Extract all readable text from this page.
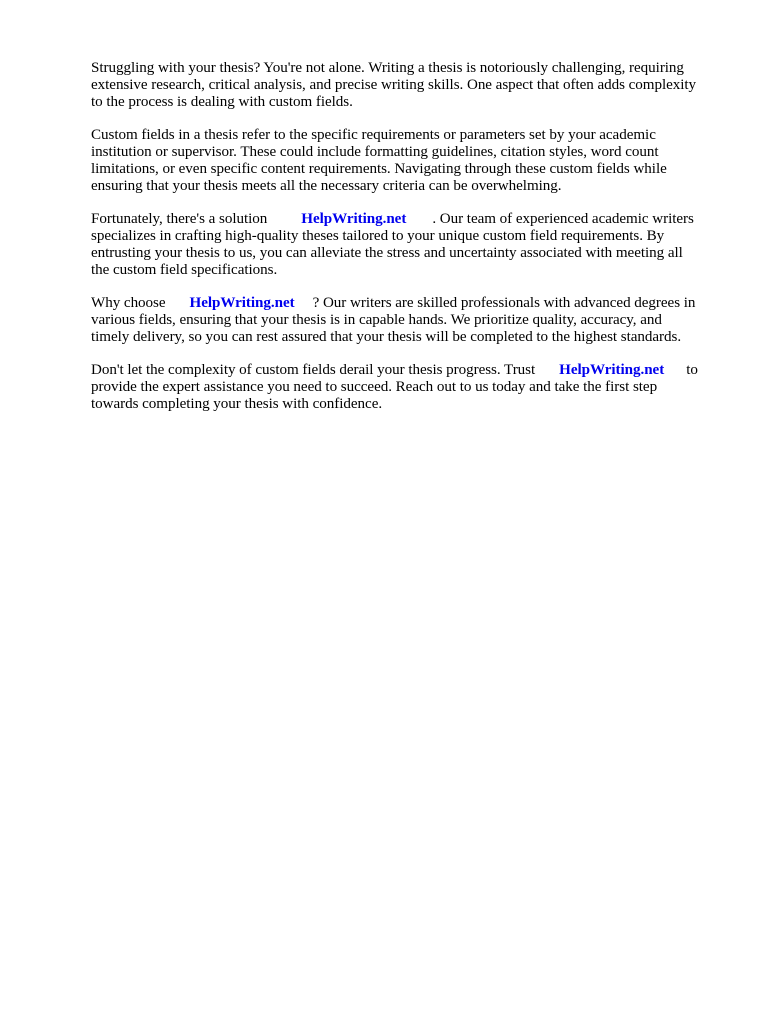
Struggling with your thesis? You're not alone. Writing a thesis is notoriously challenging, requiring
extensive research, critical analysis, and precise writing skills. One aspect that often adds complexity
to the process is dealing with custom fields.

Custom fields in a thesis refer to the specific requirements or parameters set by your academic
institution or supervisor. These could include formatting guidelines, citation styles, word count
limitations, or even specific content requirements. Navigating through these custom fields while
ensuring that your thesis meets all the necessary criteria can be overwhelming.

Fortunately, there's a solution HelpWriting.net . Our team of experienced academic writers
specializes in crafting high-quality theses tailored to your unique custom field requirements. By
entrusting your thesis to us, you can alleviate the stress and uncertainty associated with meeting all
the custom field specifications.

Why choose HelpWriting.net ? Our writers are skilled professionals with advanced degrees in
various fields, ensuring that your thesis is in capable hands. We prioritize quality, accuracy, and
timely delivery, so you can rest assured that your thesis will be completed to the highest standards.

Don't let the complexity of custom fields derail your thesis progress. Trust HelpWriting.net to
provide the expert assistance you need to succeed. Reach out to us today and take the first step
towards completing your thesis with confidence.
